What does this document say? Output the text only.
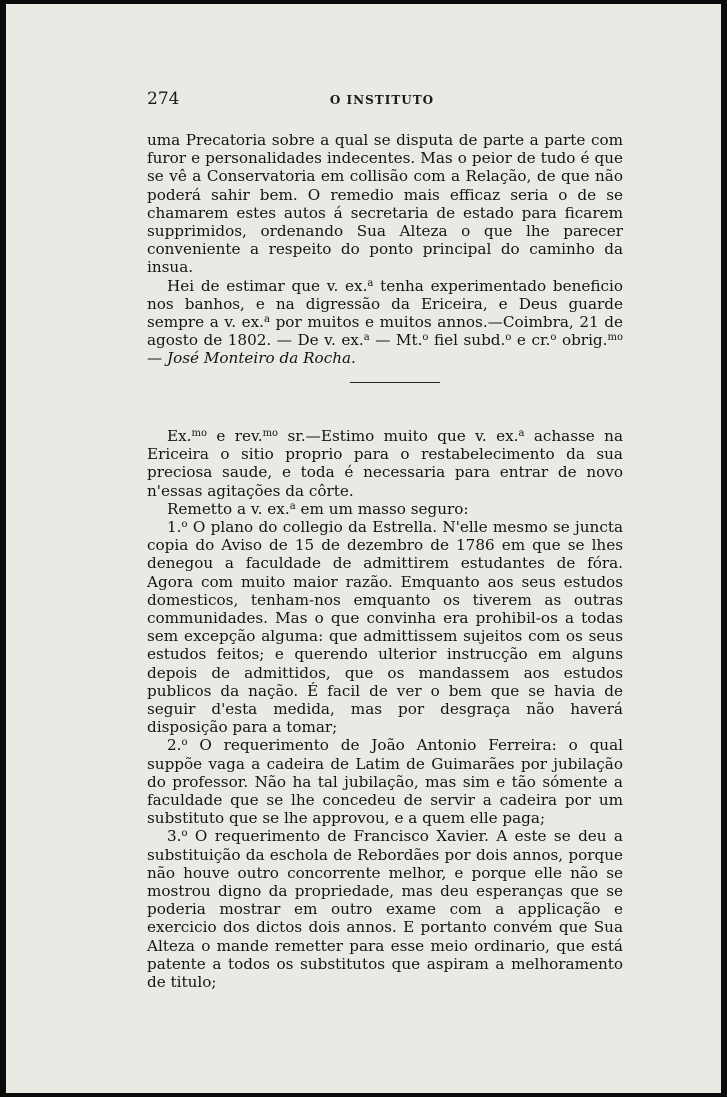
274	O INSTITUTO

uma Precatoria sobre a qual se disputa de parte a parte com furor e personalidades indecentes. Mas o peior de tudo é que se vê a Conservatoria em collisão com a Relação, de que não poderá sahir bem. O remedio mais efficaz seria o de se chamarem estes autos á secretaria de estado para ficarem supprimidos, ordenando Sua Alteza o que lhe parecer conveniente a respeito do ponto principal do caminho da insua.

Hei de estimar que v. ex.$^a$ tenha experimentado beneficio nos banhos, e na digressão da Ericeira, e Deus guarde sempre a v. ex.$^a$ por muitos e muitos annos.—Coimbra, 21 de agosto de 1802. — De v. ex.$^a$ — Mt.$^o$ fiel subd.$^o$ e cr.$^o$ obrig.$^{mo}$ — José Monteiro da Rocha.

Ex.$^{mo}$ e rev.$^{mo}$ sr.—Estimo muito que v. ex.$^a$ achasse na Ericeira o sitio proprio para o restabelecimento da sua preciosa saude, e toda é necessaria para entrar de novo n'essas agitações da côrte.

Remetto a v. ex.$^a$ em um masso seguro:

1.$^o$ O plano do collegio da Estrella. N'elle mesmo se juncta copia do Aviso de 15 de dezembro de 1786 em que se lhes denegou a faculdade de admittirem estudantes de fóra. Agora com muito maior razão. Emquanto aos seus estudos domesticos, tenham-nos emquanto os tiverem as outras communidades. Mas o que convinha era prohibil-os a todas sem excepção alguma: que admittissem sujeitos com os seus estudos feitos; e querendo ulterior instrucção em alguns depois de admittidos, que os mandassem aos estudos publicos da nação. É facil de ver o bem que se havia de seguir d'esta medida, mas por desgraça não haverá disposição para a tomar;

2.$^o$ O requerimento de João Antonio Ferreira: o qual suppõe vaga a cadeira de Latim de Guimarães por jubilação do professor. Não ha tal jubilação, mas sim e tão sómente a faculdade que se lhe concedeu de servir a cadeira por um substituto que se lhe approvou, e a quem elle paga;

3.$^o$ O requerimento de Francisco Xavier. A este se deu a substituição da eschola de Rebordães por dois annos, porque não houve outro concorrente melhor, e porque elle não se mostrou digno da propriedade, mas deu esperanças que se poderia mostrar em outro exame com a applicação e exercicio dos dictos dois annos. E portanto convém que Sua Alteza o mande remetter para esse meio ordinario, que está patente a todos os substitutos que aspiram a melhoramento de titulo;
